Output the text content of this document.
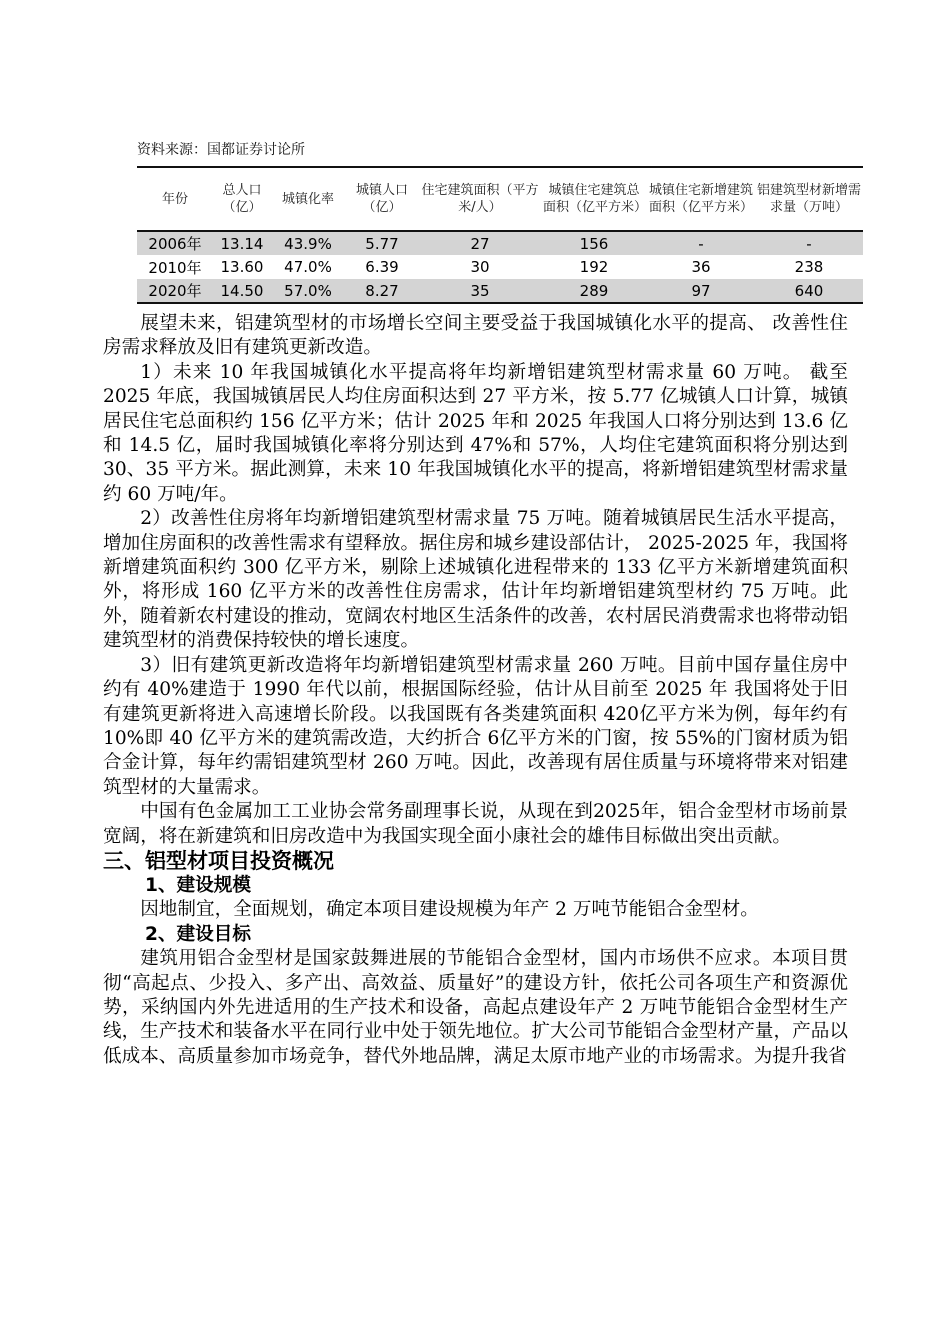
资料来源：国都证券讨论所
年份	总人口（亿）	城镇化率	城镇人口（亿）	住宅建筑面积（平方米/人）	城镇住宅建筑总面积（亿平方米）	城镇住宅新增建筑面积（亿平方米）	铝建筑型材新增需求量（万吨）
2006年	13.14	43.9%	5.77	27	156	-	-
2010年	13.60	47.0%	6.39	30	192	36	238
2020年	14.50	57.0%	8.27	35	289	97	640

展望未来，铝建筑型材的市场增长空间主要受益于我国城镇化水平的提高、 改善性住房需求释放及旧有建筑更新改造。

1）未来 10 年我国城镇化水平提高将年均新增铝建筑型材需求量 60 万吨。 截至 2025 年底，我国城镇居民人均住房面积达到 27 平方米，按 5.77 亿城镇人口计算，城镇居民住宅总面积约 156 亿平方米；估计 2025 年和 2025 年我国人口将分别达到 13.6 亿和 14.5 亿，届时我国城镇化率将分别达到 47%和 57%，人均住宅建筑面积将分别达到 30、35 平方米。据此测算，未来 10 年我国城镇化水平的提高，将新增铝建筑型材需求量约 60 万吨/年。

2）改善性住房将年均新增铝建筑型材需求量 75 万吨。随着城镇居民生活水平提高，增加住房面积的改善性需求有望释放。据住房和城乡建设部估计， 2025-2025 年，我国将新增建筑面积约 300 亿平方米，剔除上述城镇化进程带来的 133 亿平方米新增建筑面积外，将形成 160 亿平方米的改善性住房需求，估计年均新增铝建筑型材约 75 万吨。此外，随着新农村建设的推动，宽阔农村地区生活条件的改善，农村居民消费需求也将带动铝建筑型材的消费保持较快的增长速度。

3）旧有建筑更新改造将年均新增铝建筑型材需求量 260 万吨。目前中国存量住房中约有 40%建造于 1990 年代以前，根据国际经验，估计从目前至 2025 年 我国将处于旧有建筑更新将进入高速增长阶段。以我国既有各类建筑面积 420亿平方米为例，每年约有 10%即 40 亿平方米的建筑需改造，大约折合 6亿平方米的门窗，按 55%的门窗材质为铝合金计算，每年约需铝建筑型材 260 万吨。因此，改善现有居住质量与环境将带来对铝建筑型材的大量需求。

中国有色金属加工工业协会常务副理事长说，从现在到2025年，铝合金型材市场前景宽阔，将在新建筑和旧房改造中为我国实现全面小康社会的雄伟目标做出突出贡献。

三、铝型材项目投资概况
1、建设规模

因地制宜，全面规划，确定本项目建设规模为年产 2 万吨节能铝合金型材。

2、建设目标

建筑用铝合金型材是国家鼓舞进展的节能铝合金型材，国内市场供不应求。本项目贯彻“高起点、少投入、多产出、高效益、质量好”的建设方针，依托公司各项生产和资源优势，采纳国内外先进适用的生产技术和设备，高起点建设年产 2 万吨节能铝合金型材生产线，生产技术和装备水平在同行业中处于领先地位。扩大公司节能铝合金型材产量，产品以低成本、高质量参加市场竞争，替代外地品牌，满足太原市地产业的市场需求。为提升我省
